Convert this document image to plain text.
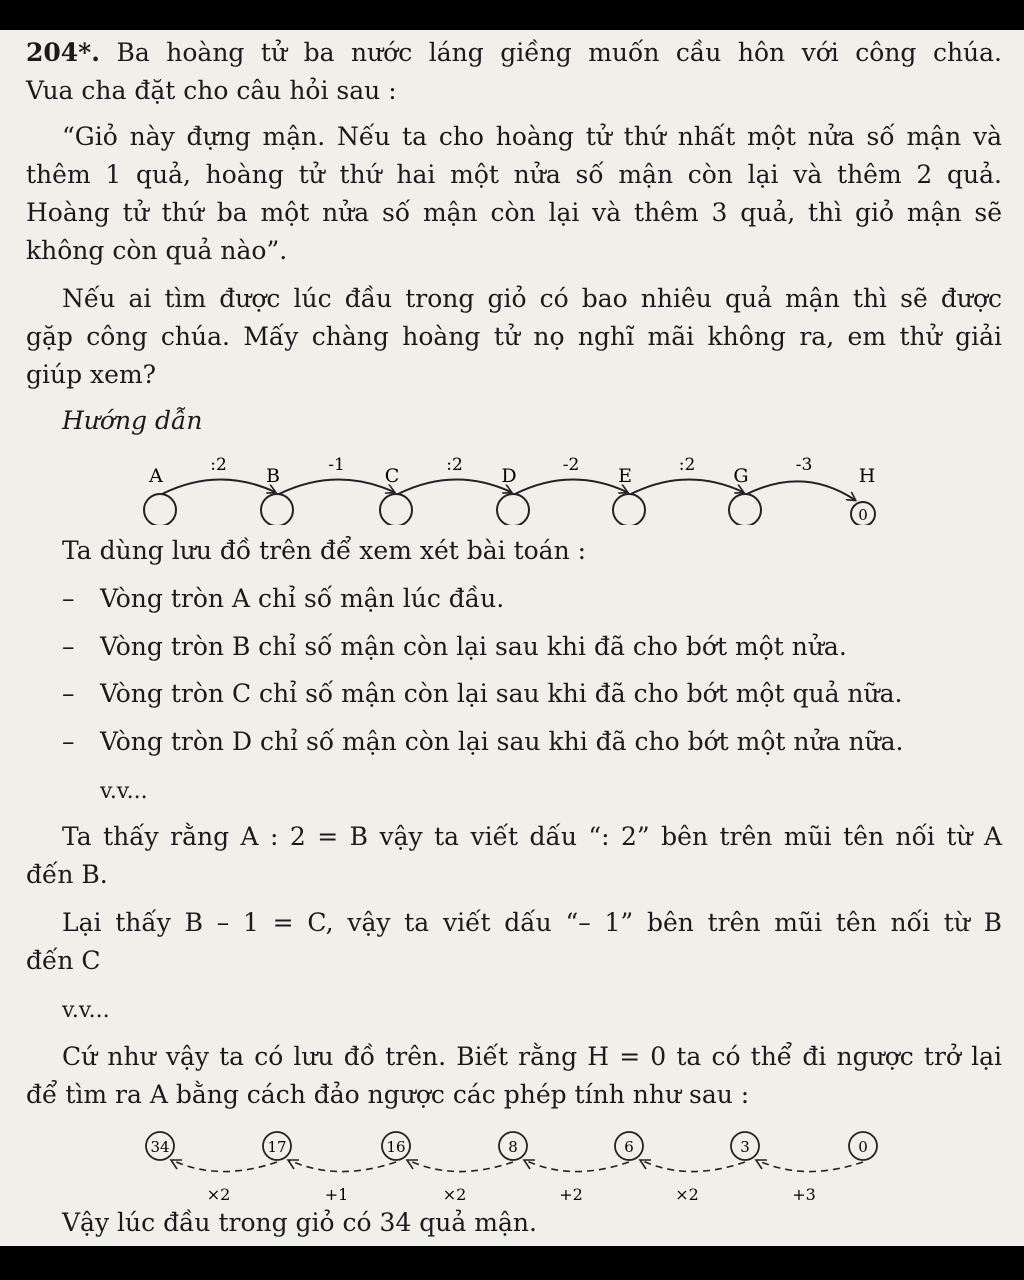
204*. Ba hoàng tử ba nước láng giềng muốn cầu hôn với công chúa.

Vua cha đặt cho câu hỏi sau :

“Giỏ này đựng mận. Nếu ta cho hoàng tử thứ nhất một nửa số mận và

thêm 1 quả, hoàng tử thứ hai một nửa số mận còn lại và thêm 2 quả.

Hoàng tử thứ ba một nửa số mận còn lại và thêm 3 quả, thì giỏ mận sẽ

không còn quả nào”.

Nếu ai tìm được lúc đầu trong giỏ có bao nhiêu quả mận thì sẽ được

gặp công chúa. Mấy chàng hoàng tử nọ nghĩ mãi không ra, em thử giải

giúp xem?

Hướng dẫn
A	B	C	D	E	G	H
0
:2	-1	:2	-2	:2	-3
Ta dùng lưu đồ trên để xem xét bài toán :
– Vòng tròn A chỉ số mận lúc đầu.
– Vòng tròn B chỉ số mận còn lại sau khi đã cho bớt một nửa.
– Vòng tròn C chỉ số mận còn lại sau khi đã cho bớt một quả nữa.
– Vòng tròn D chỉ số mận còn lại sau khi đã cho bớt một nửa nữa.
v.v...

Ta thấy rằng A : 2 = B vậy ta viết dấu “: 2” bên trên mũi tên nối từ A

đến B.

Lại thấy B – 1 = C, vậy ta viết dấu “– 1” bên trên mũi tên nối từ B

đến C

v.v...

Cứ như vậy ta có lưu đồ trên. Biết rằng H = 0 ta có thể đi ngược trở lại

để tìm ra A bằng cách đảo ngược các phép tính như sau :

34	17	16	8	6	3	0
×2	+1	×2	+2	×2	+3
Vậy lúc đầu trong giỏ có 34 quả mận.
